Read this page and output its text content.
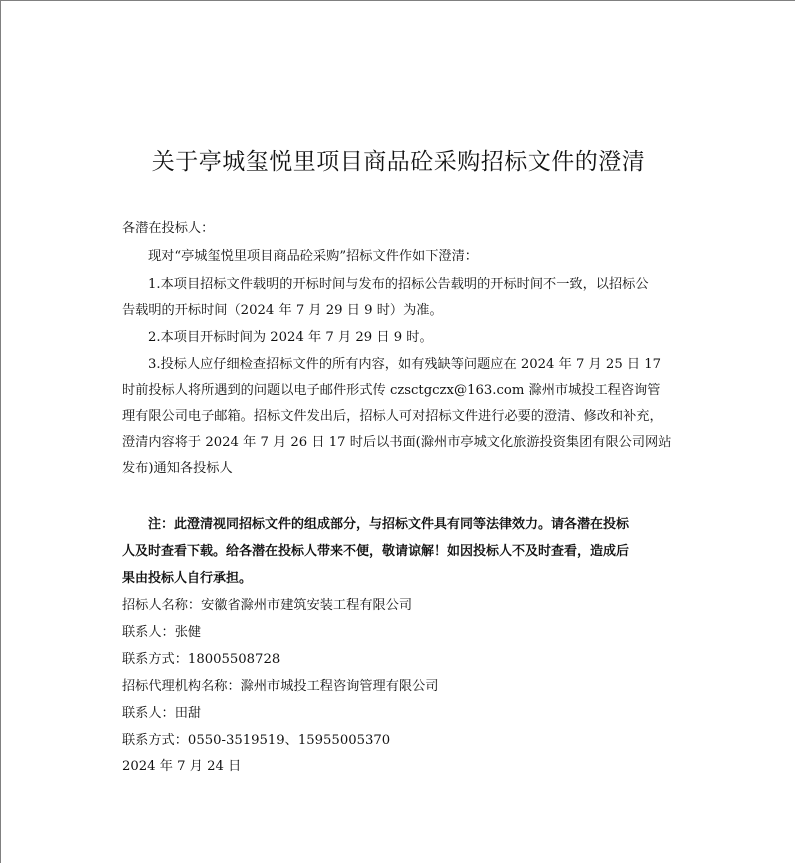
关于亭城玺悦里项目商品砼采购招标文件的澄清
各潜在投标人：
现对“亭城玺悦里项目商品砼采购”招标文件作如下澄清：
1.本项目招标文件载明的开标时间与发布的招标公告载明的开标时间不一致，以招标公
告载明的开标时间（2024 年 7 月 29 日 9 时）为准。
2.本项目开标时间为 2024 年 7 月 29 日 9 时。
3.投标人应仔细检查招标文件的所有内容，如有残缺等问题应在 2024 年 7 月 25 日 17
时前投标人将所遇到的问题以电子邮件形式传 czsctgczx@163.com 滁州市城投工程咨询管
理有限公司电子邮箱。招标文件发出后，招标人可对招标文件进行必要的澄清、修改和补充，
澄清内容将于 2024 年 7 月 26 日 17 时后以书面(滁州市亭城文化旅游投资集团有限公司网站
发布)通知各投标人
注：此澄清视同招标文件的组成部分，与招标文件具有同等法律效力。请各潜在投标
人及时查看下载。给各潜在投标人带来不便，敬请谅解！如因投标人不及时查看，造成后
果由投标人自行承担。
招标人名称：安徽省滁州市建筑安装工程有限公司
联系人：张健
联系方式：18005508728
招标代理机构名称：滁州市城投工程咨询管理有限公司
联系人：田甜
联系方式：0550-3519519、15955005370
2024 年 7 月 24 日
